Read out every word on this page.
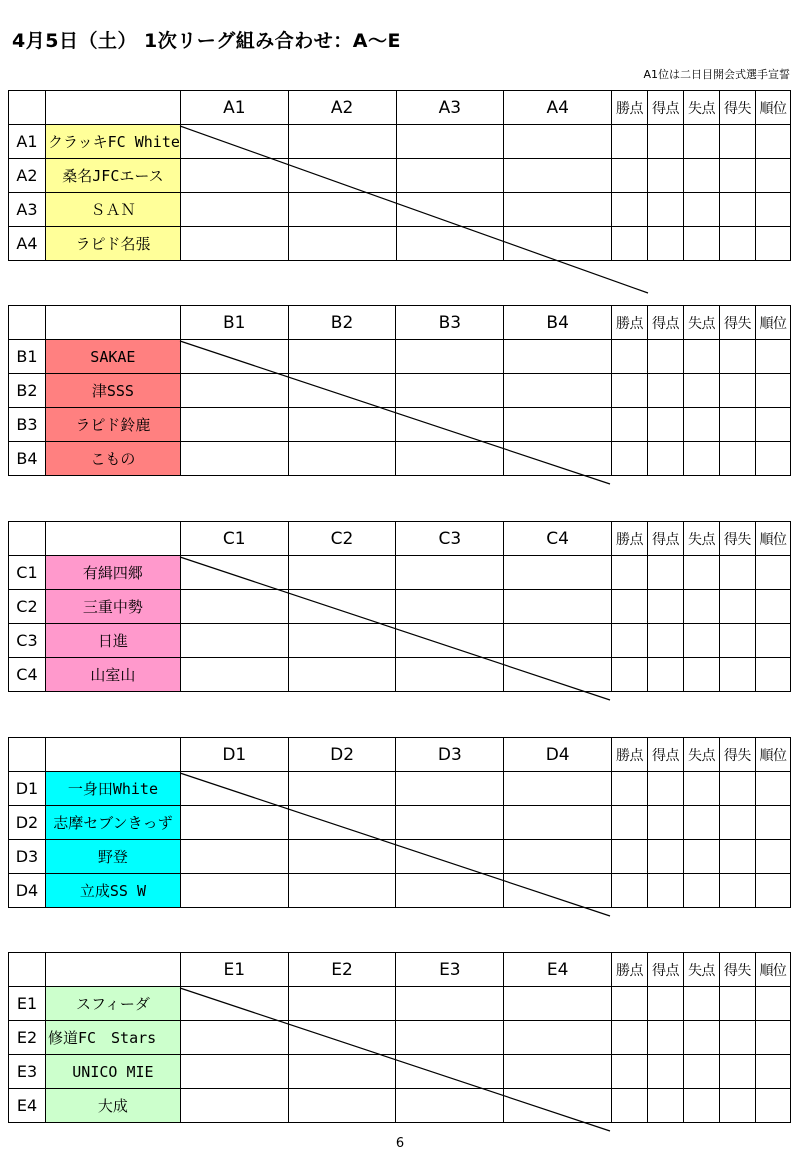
4月5日（土） 1次リーグ組み合わせ：A～E
A1位は二日目開会式選手宣誓
		A1	A2	A3	A4	勝点	得点	失点	得失	順位
A1	クラッキFC White									
A2	桑名JFCエース									
A3	ＳＡＮ									
A4	ラピド名張									
		B1	B2	B3	B4	勝点	得点	失点	得失	順位
B1	SAKAE									
B2	津SSS									
B3	ラピド鈴鹿									
B4	こもの									
		C1	C2	C3	C4	勝点	得点	失点	得失	順位
C1	有緝四郷									
C2	三重中勢									
C3	日進									
C4	山室山									
		D1	D2	D3	D4	勝点	得点	失点	得失	順位
D1	一身田White									
D2	志摩セブンきっず									
D3	野登									
D4	立成SS W									
		E1	E2	E3	E4	勝点	得点	失点	得失	順位
E1	スフィーダ									
E2	修道FC　Stars									
E3	UNICO MIE									
E4	大成									
6
